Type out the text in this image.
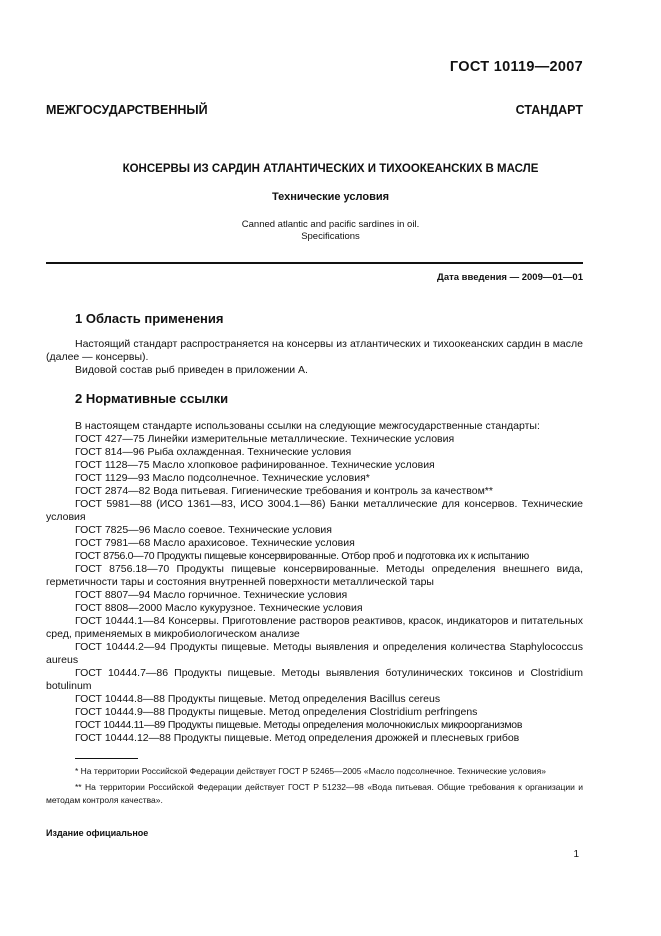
ГОСТ 10119—2007
МЕЖГОСУДАРСТВЕННЫЙ СТАНДАРТ
КОНСЕРВЫ ИЗ САРДИН АТЛАНТИЧЕСКИХ И ТИХООКЕАНСКИХ В МАСЛЕ
Технические условия
Canned atlantic and pacific sardines in oil.
Specifications
Дата введения — 2009—01—01
1 Область применения

Настоящий стандарт распространяется на консервы из атлантических и тихоокеанских сардин в масле (далее — консервы).

Видовой состав рыб приведен в приложении А.

2 Нормативные ссылки

В настоящем стандарте использованы ссылки на следующие межгосударственные стандарты:

ГОСТ 427—75 Линейки измерительные металлические. Технические условия

ГОСТ 814—96 Рыба охлажденная. Технические условия

ГОСТ 1128—75 Масло хлопковое рафинированное. Технические условия

ГОСТ 1129—93 Масло подсолнечное. Технические условия*

ГОСТ 2874—82 Вода питьевая. Гигиенические требования и контроль за качеством**

ГОСТ 5981—88 (ИСО 1361—83, ИСО 3004.1—86) Банки металлические для консервов. Технические условия

ГОСТ 7825—96 Масло соевое. Технические условия

ГОСТ 7981—68 Масло арахисовое. Технические условия

ГОСТ 8756.0—70 Продукты пищевые консервированные. Отбор проб и подготовка их к испытанию

ГОСТ 8756.18—70 Продукты пищевые консервированные. Методы определения внешнего вида, герметичности тары и состояния внутренней поверхности металлической тары

ГОСТ 8807—94 Масло горчичное. Технические условия

ГОСТ 8808—2000 Масло кукурузное. Технические условия

ГОСТ 10444.1—84 Консервы. Приготовление растворов реактивов, красок, индикаторов и питательных сред, применяемых в микробиологическом анализе

ГОСТ 10444.2—94 Продукты пищевые. Методы выявления и определения количества Staphylococcus aureus

ГОСТ 10444.7—86 Продукты пищевые. Методы выявления ботулинических токсинов и Clostridium botulinum

ГОСТ 10444.8—88 Продукты пищевые. Метод определения Bacillus cereus

ГОСТ 10444.9—88 Продукты пищевые. Метод определения Clostridium perfringens

ГОСТ 10444.11—89 Продукты пищевые. Методы определения молочнокислых микроорганизмов

ГОСТ 10444.12—88 Продукты пищевые. Метод определения дрожжей и плесневых грибов

* На территории Российской Федерации действует ГОСТ Р 52465—2005 «Масло подсолнечное. Технические условия»

** На территории Российской Федерации действует ГОСТ Р 51232—98 «Вода питьевая. Общие требования к организации и методам контроля качества».

Издание официальное
1
